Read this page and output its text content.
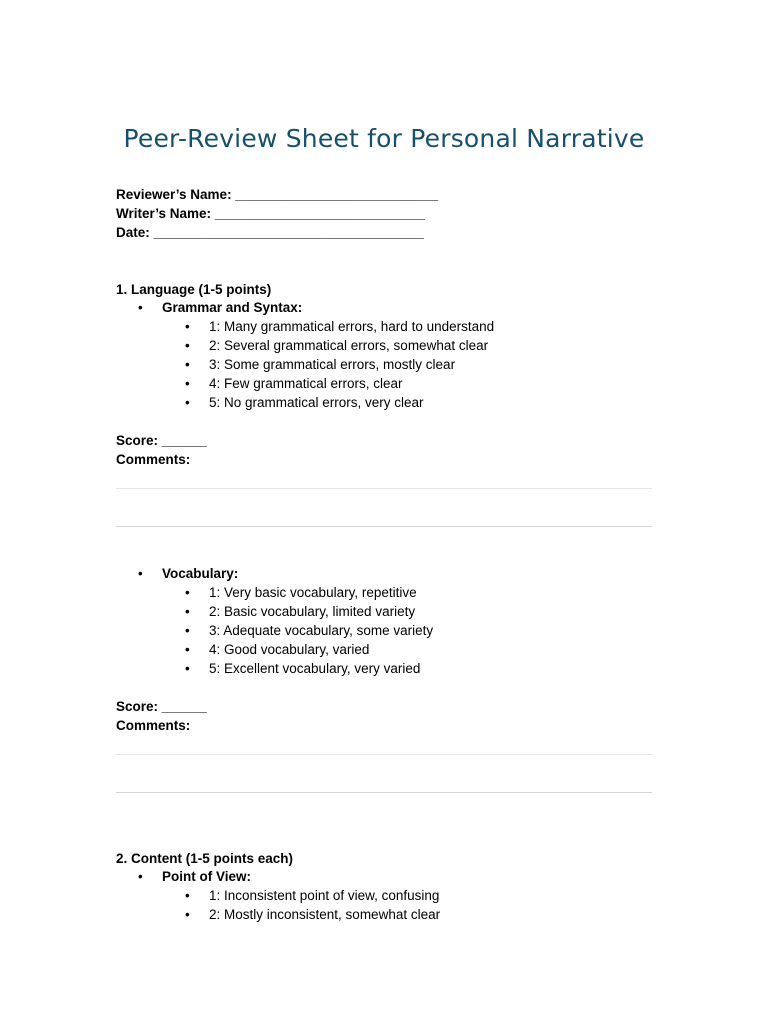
Peer-Review Sheet for Personal Narrative
Reviewer’s Name: ___________________________
Writer’s Name: ____________________________
Date: ____________________________________
1. Language (1-5 points)
• Grammar and Syntax:
• 1: Many grammatical errors, hard to understand
• 2: Several grammatical errors, somewhat clear
• 3: Some grammatical errors, mostly clear
• 4: Few grammatical errors, clear
• 5: No grammatical errors, very clear
Score: ______
Comments:
• Vocabulary:
• 1: Very basic vocabulary, repetitive
• 2: Basic vocabulary, limited variety
• 3: Adequate vocabulary, some variety
• 4: Good vocabulary, varied
• 5: Excellent vocabulary, very varied
Score: ______
Comments:
2. Content (1-5 points each)
• Point of View:
• 1: Inconsistent point of view, confusing
• 2: Mostly inconsistent, somewhat clear
